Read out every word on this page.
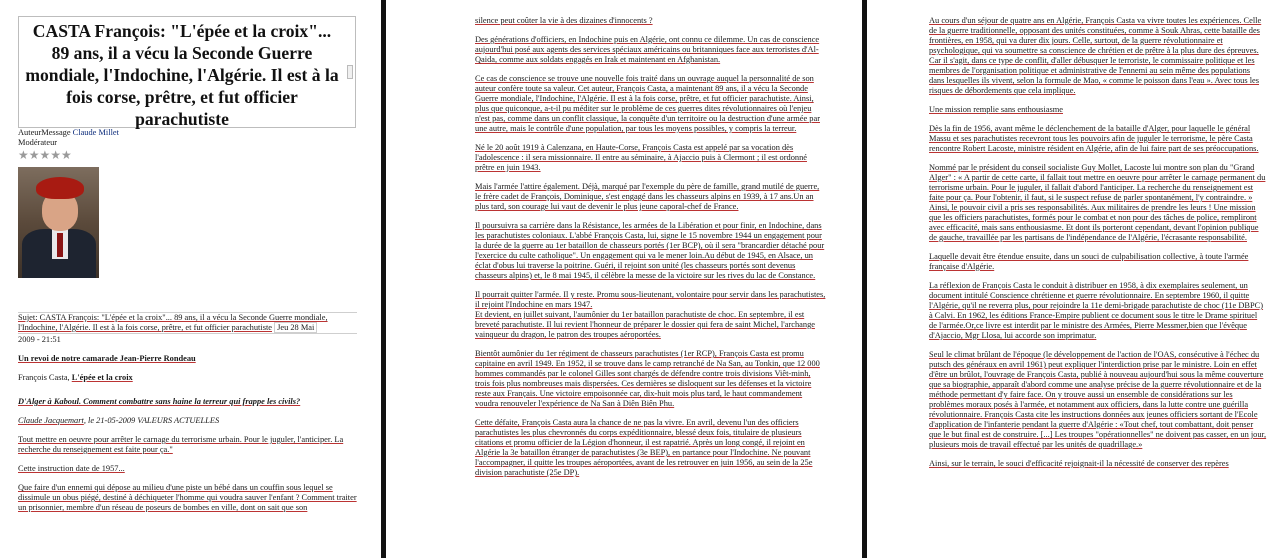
CASTA François: "L'épée et la croix"... 89 ans, il a vécu la Seconde Guerre mondiale, l'Indochine, l'Algérie. Il est à la fois corse, prêtre, et fut officier parachutiste
AuteurMessage Claude Millet
Modérateur
★★★★★
Sujet: CASTA François: "L'épée et la croix"... 89 ans, il a vécu la Seconde Guerre mondiale, l'Indochine, l'Algérie. Il est à la fois corse, prêtre, et fut officier parachutiste Jeu 28 Mai
2009 - 21:51

Un revoi de notre camarade Jean-Pierre Rondeau

François Casta, L'épée et la croix

D'Alger à Kaboul. Comment combattre sans haine la terreur qui frappe les civils?

Claude Jacquemart, le 21-05-2009 VALEURS ACTUELLES

Tout mettre en oeuvre pour arrêter le carnage du terrorisme urbain. Pour le juguler, l'anticiper. La recherche du renseignement est faite pour ça."

Cette instruction date de 1957...

Que faire d'un ennemi qui dépose au milieu d'une piste un bébé dans un couffin sous lequel se dissimule un obus piégé, destiné à déchiqueter l'homme qui voudra sauver l'enfant ? Comment traiter un prisonnier, membre d'un réseau de poseurs de bombes en ville, dont on sait que son

silence peut coûter la vie à des dizaines d'innocents ?

Des générations d'officiers, en Indochine puis en Algérie, ont connu ce dilemme. Un cas de conscience aujourd'hui posé aux agents des services spéciaux américains ou britanniques face aux terroristes d'Al-Qaida, comme aux soldats engagés en Irak et maintenant en Afghanistan.

Ce cas de conscience se trouve une nouvelle fois traité dans un ouvrage auquel la personnalité de son auteur confère toute sa valeur. Cet auteur, François Casta, a maintenant 89 ans, il a vécu la Seconde Guerre mondiale, l'Indochine, l'Algérie. Il est à la fois corse, prêtre, et fut officier parachutiste. Ainsi, plus que quiconque, a-t-il pu méditer sur le problème de ces guerres dites révolutionnaires où l'enjeu n'est pas, comme dans un conflit classique, la conquête d'un territoire ou la destruction d'une armée par une autre, mais le contrôle d'une population, par tous les moyens possibles, y compris la terreur.

Né le 20 août 1919 à Calenzana, en Haute-Corse, François Casta est appelé par sa vocation dès l'adolescence : il sera missionnaire. Il entre au séminaire, à Ajaccio puis à Clermont ; il est ordonné prêtre en juin 1943.

Mais l'armée l'attire également. Déjà, marqué par l'exemple du père de famille, grand mutilé de guerre, le frère cadet de François, Dominique, s'est engagé dans les chasseurs alpins en 1939, à 17 ans.Un an plus tard, son courage lui vaut de devenir le plus jeune caporal-chef de France.

Il poursuivra sa carrière dans la Résistance, les armées de la Libération et pour finir, en Indochine, dans les parachutistes coloniaux. L'abbé François Casta, lui, signe le 15 novembre 1944 un engagement pour la durée de la guerre au 1er bataillon de chasseurs portés (1er BCP), où il sera "brancardier détaché pour l'exercice du culte catholique". Un engagement qui va le mener loin.Au début de 1945, en Alsace, un éclat d'obus lui traverse la poitrine. Guéri, il rejoint son unité (les chasseurs portés sont devenus chasseurs alpins) et, le 8 mai 1945, il célèbre la messe de la victoire sur les rives du lac de Constance.

Il pourrait quitter l'armée. Il y reste. Promu sous-lieutenant, volontaire pour servir dans les parachutistes, il rejoint l'Indochine en mars 1947.
Et devient, en juillet suivant, l'aumônier du 1er bataillon parachutiste de choc. En septembre, il est breveté parachutiste. Il lui revient l'honneur de préparer le dossier qui fera de saint Michel, l'archange vainqueur du dragon, le patron des troupes aéroportées.

Bientôt aumônier du 1er régiment de chasseurs parachutistes (1er RCP), François Casta est promu capitaine en avril 1949. En 1952, il se trouve dans le camp retranché de Na San, au Tonkin, que 12 000 hommes commandés par le colonel Gilles sont chargés de défendre contre trois divisions Viêt-minh, trois fois plus nombreuses mais dispersées. Ces dernières se disloquent sur les défenses et la victoire reste aux Français. Une victoire empoisonnée car, dix-huit mois plus tard, le haut commandement voudra renouveler l'expérience de Na San à Diên Biên Phu.

Cette défaite, François Casta aura la chance de ne pas la vivre. En avril, devenu l'un des officiers parachutistes les plus chevronnés du corps expéditionnaire, blessé deux fois, titulaire de plusieurs citations et promu officier de la Légion d'honneur, il est rapatrié. Après un long congé, il rejoint en Algérie la 3e bataillon étranger de parachutistes (3e BEP), en partance pour l'Indochine. Ne pouvant l'accompagner, il quitte les troupes aéroportées, avant de les retrouver en juin 1956, au sein de la 25e division parachutiste (25e DP).

Au cours d'un séjour de quatre ans en Algérie, François Casta va vivre toutes les expériences. Celle de la guerre traditionnelle, opposant des unités constituées, comme à Souk Ahras, cette bataille des frontières, en 1958, qui va durer dix jours. Celle, surtout, de la guerre révolutionnaire et psychologique, qui va soumettre sa conscience de chrétien et de prêtre à la plus dure des épreuves. Car il s'agit, dans ce type de conflit, d'aller débusquer le terroriste, le commissaire politique et les membres de l'organisation politique et administrative de l'ennemi au sein même des populations dans lesquelles ils vivent, selon la formule de Mao, « comme le poisson dans l'eau ». Avec tous les risques de débordements que cela implique.

Une mission remplie sans enthousiasme

Dès la fin de 1956, avant même le déclenchement de la bataille d'Alger, pour laquelle le général Massu et ses parachutistes recevront tous les pouvoirs afin de juguler le terrorisme, le père Casta rencontre Robert Lacoste, ministre résident en Algérie, afin de lui faire part de ses préoccupations.

Nommé par le président du conseil socialiste Guy Mollet, Lacoste lui montre son plan du "Grand Alger" : « A partir de cette carte, il fallait tout mettre en oeuvre pour arrêter le carnage permanent du terrorisme urbain. Pour le juguler, il fallait d'abord l'anticiper. La recherche du renseignement est faite pour ça. Pour l'obtenir, il faut, si le suspect refuse de parler spontanément, l'y contraindre. » Ainsi, le pouvoir civil a pris ses responsabilités. Aux militaires de prendre les leurs ! Une mission que les officiers parachutistes, formés pour le combat et non pour des tâches de police, rempliront avec efficacité, mais sans enthousiasme. Et dont ils porteront cependant, devant l'opinion publique de gauche, travaillée par les partisans de l'indépendance de l'Algérie, l'écrasante responsabilité.

Laquelle devait être étendue ensuite, dans un souci de culpabilisation collective, à toute l'armée française d'Algérie.

La réflexion de François Casta le conduit à distribuer en 1958, à dix exemplaires seulement, un document intitulé Conscience chrétienne et guerre révolutionnaire. En septembre 1960, il quitte l'Algérie, qu'il ne reverra plus, pour rejoindre la 11e demi-brigade parachutiste de choc (11e DBPC) à Calvi. En 1962, les éditions France-Empire publient ce document sous le titre le Drame spirituel de l'armée.Or,ce livre est interdit par le ministre des Armées, Pierre Messmer,bien que l'évêque d'Ajaccio, Mgr Llosa, lui accorde son imprimatur.

Seul le climat brûlant de l'époque (le développement de l'action de l'OAS, consécutive à l'échec du putsch des généraux en avril 1961) peut expliquer l'interdiction prise par le ministre. Loin en effet d'être un brûlot, l'ouvrage de François Casta, publié à nouveau aujourd'hui sous la même couverture que sa biographie, apparaît d'abord comme une analyse précise de la guerre révolutionnaire et de la méthode permettant d'y faire face. On y trouve aussi un ensemble de considérations sur les problèmes moraux posés à l'armée, et notamment aux officiers, dans la lutte contre une guérilla révolutionnaire. François Casta cite les instructions données aux jeunes officiers sortant de l'Ecole d'application de l'infanterie pendant la guerre d'Algérie : «Tout chef, tout combattant, doit penser que le but final est de construire. [...] Les troupes "opérationnelles" ne doivent pas casser, en un jour, plusieurs mois de travail effectué par les unités de quadrillage.»

Ainsi, sur le terrain, le souci d'efficacité rejoignait-il la nécessité de conserver des repères
